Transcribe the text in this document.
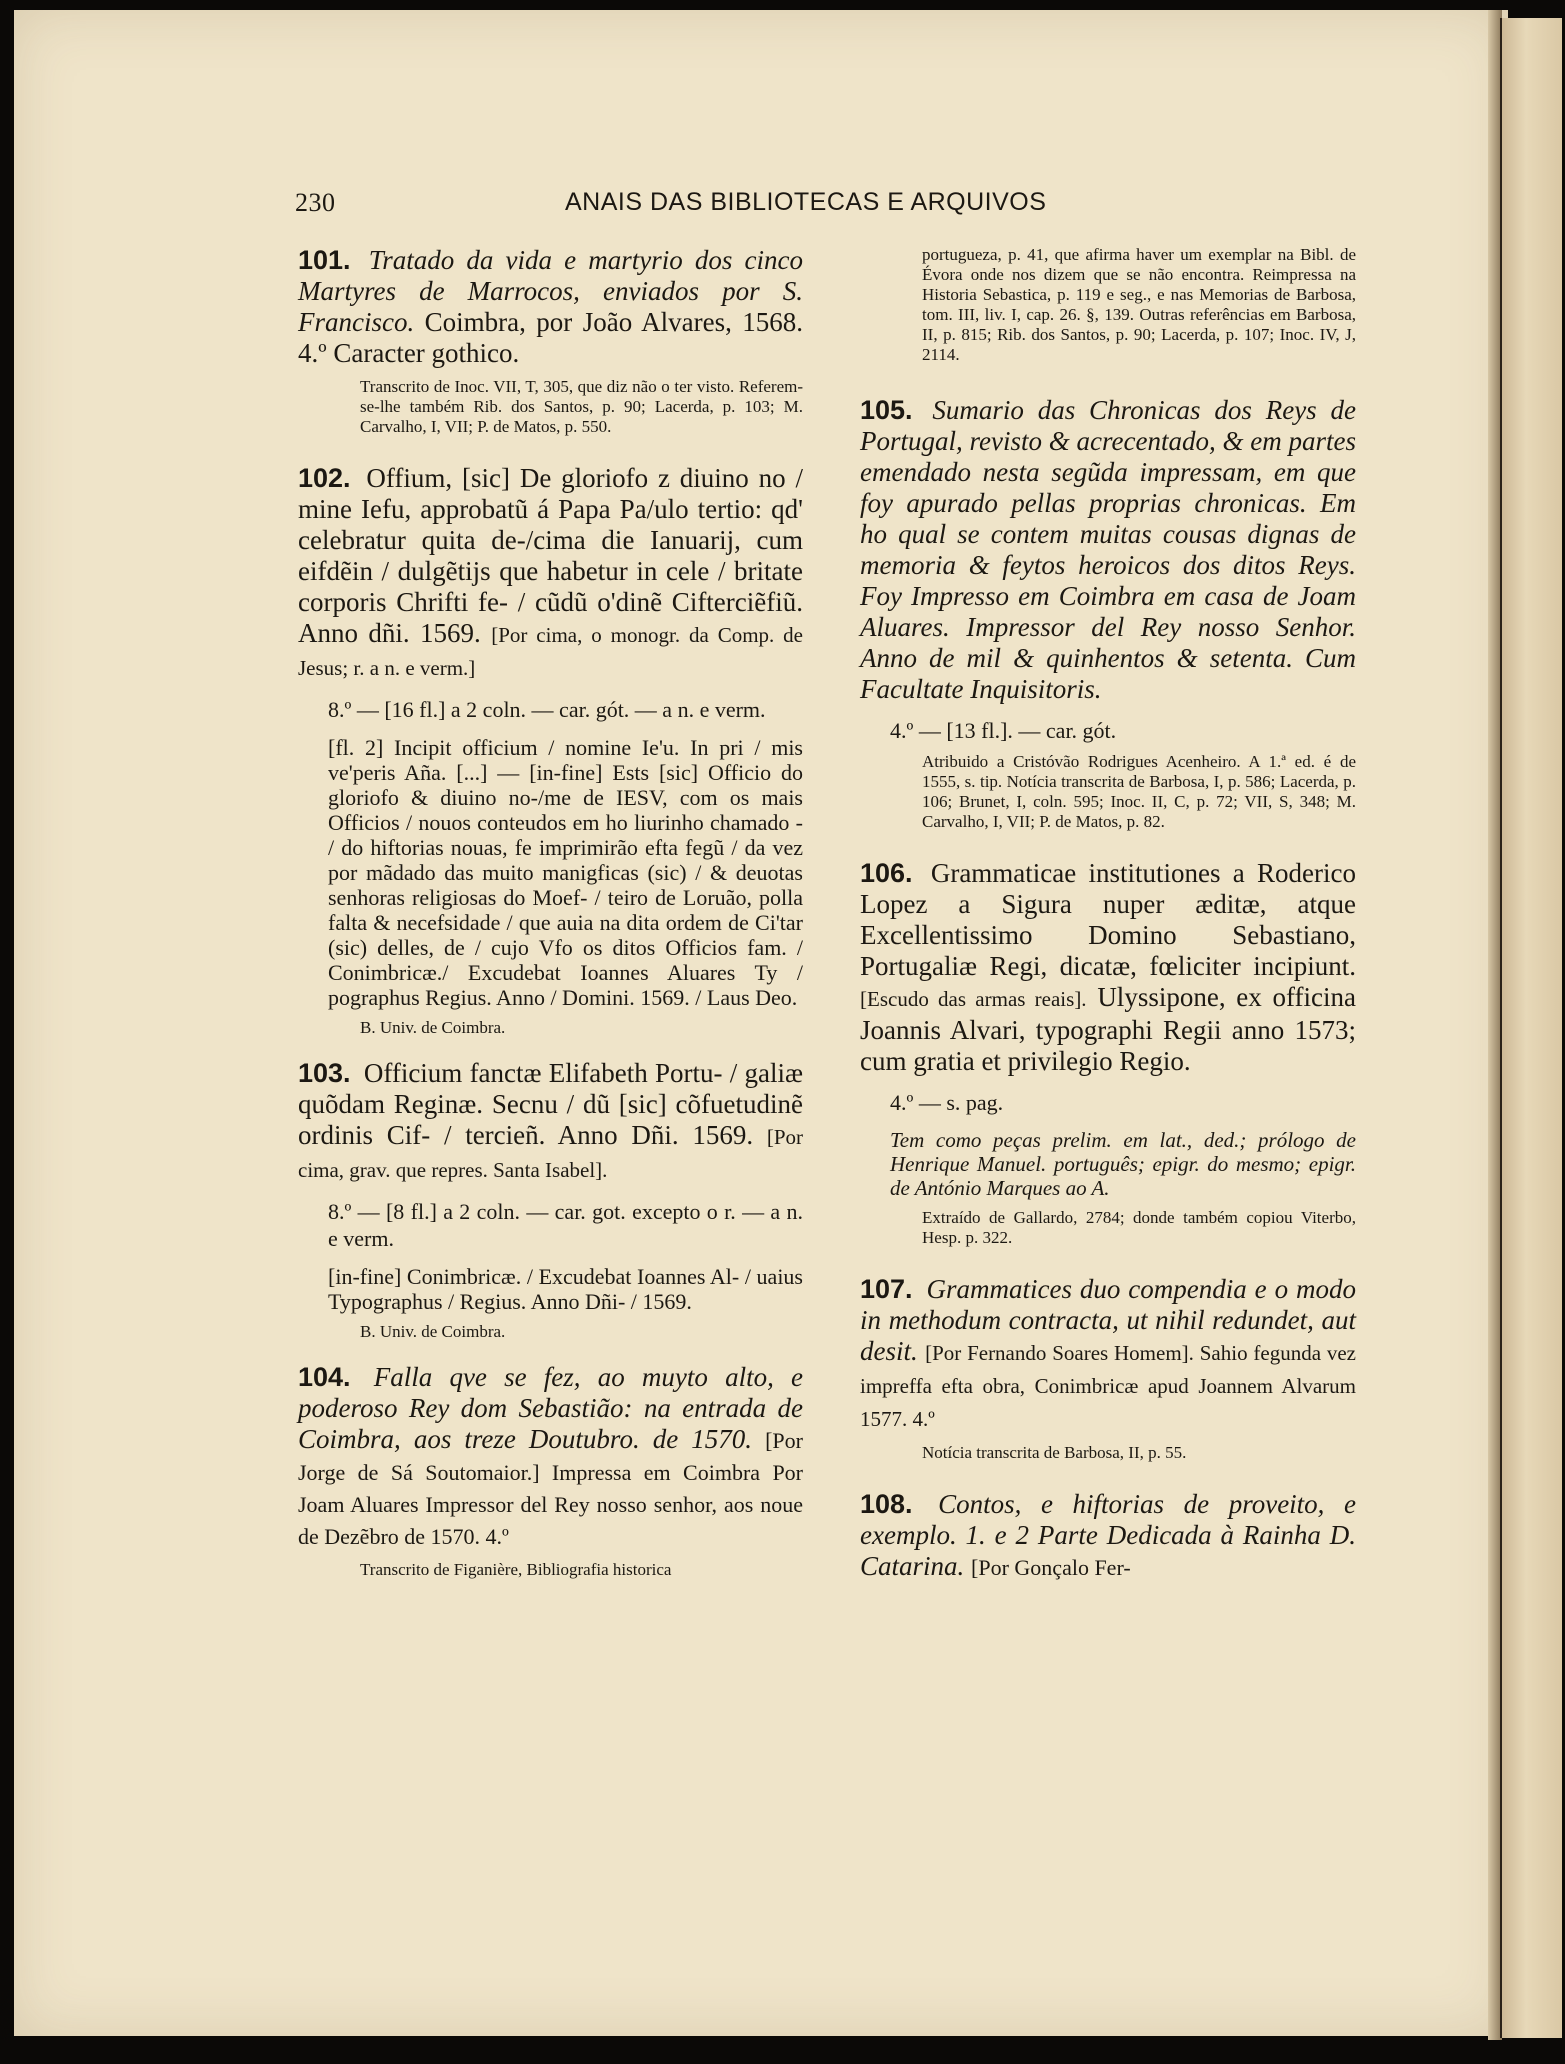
230	ANAIS DAS BIBLIOTECAS E ARQUIVOS
101. Tratado da vida e martyrio dos cinco Martyres de Marrocos, enviados por S. Francisco. Coimbra, por João Alvares, 1568. 4.º Caracter gothico.
Transcrito de Inoc. VII, T, 305, que diz não o ter visto. Referem-se-lhe também Rib. dos Santos, p. 90; Lacerda, p. 103; M. Carvalho, I, VII; P. de Matos, p. 550.
102. Offium, [sic] De gloriofo z diuino no / mine Iefu, approbatũ á Papa Pa/ulo tertio: qd' celebratur quita de-/cima die Ianuarij, cum eifdẽin / dulgẽtijs que habetur in cele / britate corporis Chrifti fe- / cũdũ o'dinẽ Cifterciẽfiũ. Anno dñi. 1569. [Por cima, o monogr. da Comp. de Jesus; r. a n. e verm.]
8.º — [16 fl.] a 2 coln. — car. gót. — a n. e verm.
[fl. 2] Incipit officium / nomine Ie'u. In pri / mis ve'peris Aña. [...] — [in-fine] Ests [sic] Officio do gloriofo & diuino no-/me de IESV, com os mais Officios / nouos conteudos em ho liurinho chamado - / do hiftorias nouas, fe imprimirão efta fegũ / da vez por mãdado das muito manigficas (sic) / & deuotas senhoras religiosas do Moef- / teiro de Loruão, polla falta & necefsidade / que auia na dita ordem de Ci'tar (sic) delles, de / cujo Vfo os ditos Officios fam. / Conimbricæ./ Excudebat Ioannes Aluares Ty / pographus Regius. Anno / Domini. 1569. / Laus Deo.
B. Univ. de Coimbra.
103. Officium fanctæ Elifabeth Portu- / galiæ quõdam Reginæ. Secnu / dũ [sic] cõfuetudinẽ ordinis Cif- / tercieñ. Anno Dñi. 1569. [Por cima, grav. que repres. Santa Isabel].
8.º — [8 fl.] a 2 coln. — car. got. excepto o r. — a n. e verm.
[in-fine] Conimbricæ. / Excudebat Ioannes Al- / uaius Typographus / Regius. Anno Dñi- / 1569.
B. Univ. de Coimbra.
104. Falla qve se fez, ao muyto alto, e poderoso Rey dom Sebastião: na entrada de Coimbra, aos treze Doutubro. de 1570. [Por Jorge de Sá Soutomaior.] Impressa em Coimbra Por Joam Aluares Impressor del Rey nosso senhor, aos noue de Dezẽbro de 1570. 4.º
Transcrito de Figanière, Bibliografia historica
portugueza, p. 41, que afirma haver um exemplar na Bibl. de Évora onde nos dizem que se não encontra. Reimpressa na Historia Sebastica, p. 119 e seg., e nas Memorias de Barbosa, tom. III, liv. I, cap. 26. §, 139. Outras referências em Barbosa, II, p. 815; Rib. dos Santos, p. 90; Lacerda, p. 107; Inoc. IV, J, 2114.
105. Sumario das Chronicas dos Reys de Portugal, revisto & acrecentado, & em partes emendado nesta segũda impressam, em que foy apurado pellas proprias chronicas. Em ho qual se contem muitas cousas dignas de memoria & feytos heroicos dos ditos Reys. Foy Impresso em Coimbra em casa de Joam Aluares. Impressor del Rey nosso Senhor. Anno de mil & quinhentos & setenta. Cum Facultate Inquisitoris.
4.º — [13 fl.]. — car. gót.
Atribuido a Cristóvão Rodrigues Acenheiro. A 1.ª ed. é de 1555, s. tip. Notícia transcrita de Barbosa, I, p. 586; Lacerda, p. 106; Brunet, I, coln. 595; Inoc. II, C, p. 72; VII, S, 348; M. Carvalho, I, VII; P. de Matos, p. 82.
106. Grammaticae institutiones a Roderico Lopez a Sigura nuper æditæ, atque Excellentissimo Domino Sebastiano, Portugaliæ Regi, dicatæ, fœliciter incipiunt. [Escudo das armas reais]. Ulyssipone, ex officina Joannis Alvari, typographi Regii anno 1573; cum gratia et privilegio Regio.
4.º — s. pag.
Tem como peças prelim. em lat., ded.; prólogo de Henrique Manuel. português; epigr. do mesmo; epigr. de António Marques ao A.
Extraído de Gallardo, 2784; donde também copiou Viterbo, Hesp. p. 322.
107. Grammatices duo compendia e o modo in methodum contracta, ut nihil redundet, aut desit. [Por Fernando Soares Homem]. Sahio fegunda vez impreffa efta obra, Conimbricæ apud Joannem Alvarum 1577. 4.º
Notícia transcrita de Barbosa, II, p. 55.
108. Contos, e hiftorias de proveito, e exemplo. 1. e 2 Parte Dedicada à Rainha D. Catarina. [Por Gonçalo Fer-
